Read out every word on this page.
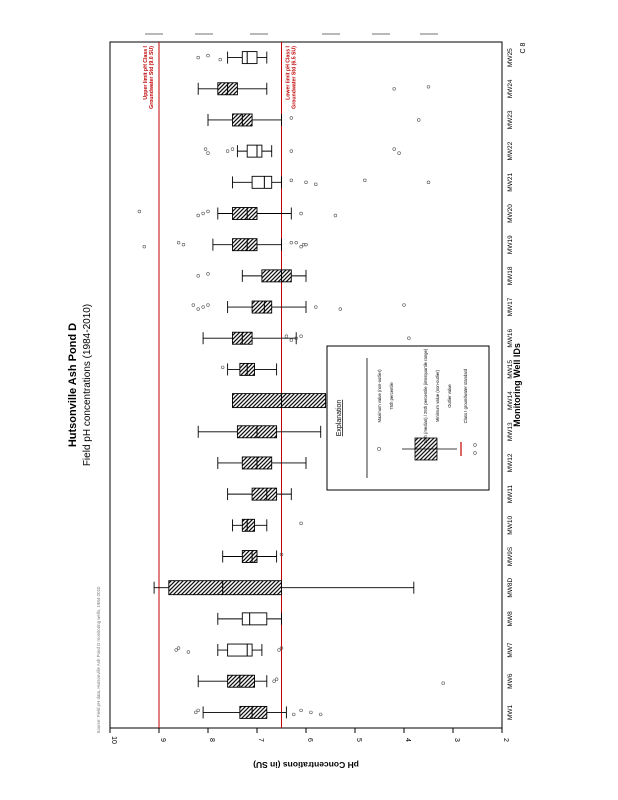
Explanation	Maximum value (non-outlier) 75th percentile	50th (median) / 25th percentile (interquartile range) Minimum value (non-outlier) Outlier value	Class I groundwater standard
2
3
4
5
6
7
8
9
10
Upper limit pH Class I Groundwater Std (9.0 SU)	Lower limit pH Class I Groundwater Std (6.5 SU)
MW1
MW6
MW7
MW8
MW8D
MW9S
MW10
MW11
MW12
MW13
MW14
MW15
MW16
MW17
MW18
MW19
MW20
MW21
MW22
MW23
MW24
MW25
Hutsonville Ash Pond D Field pH concentrations (1984-2010)	Monitoring Well IDs
pH Concentrations (in SU)
Source: Field pH data, Hutsonville Ash Pond D monitoring wells, 1984-2010
C 8
